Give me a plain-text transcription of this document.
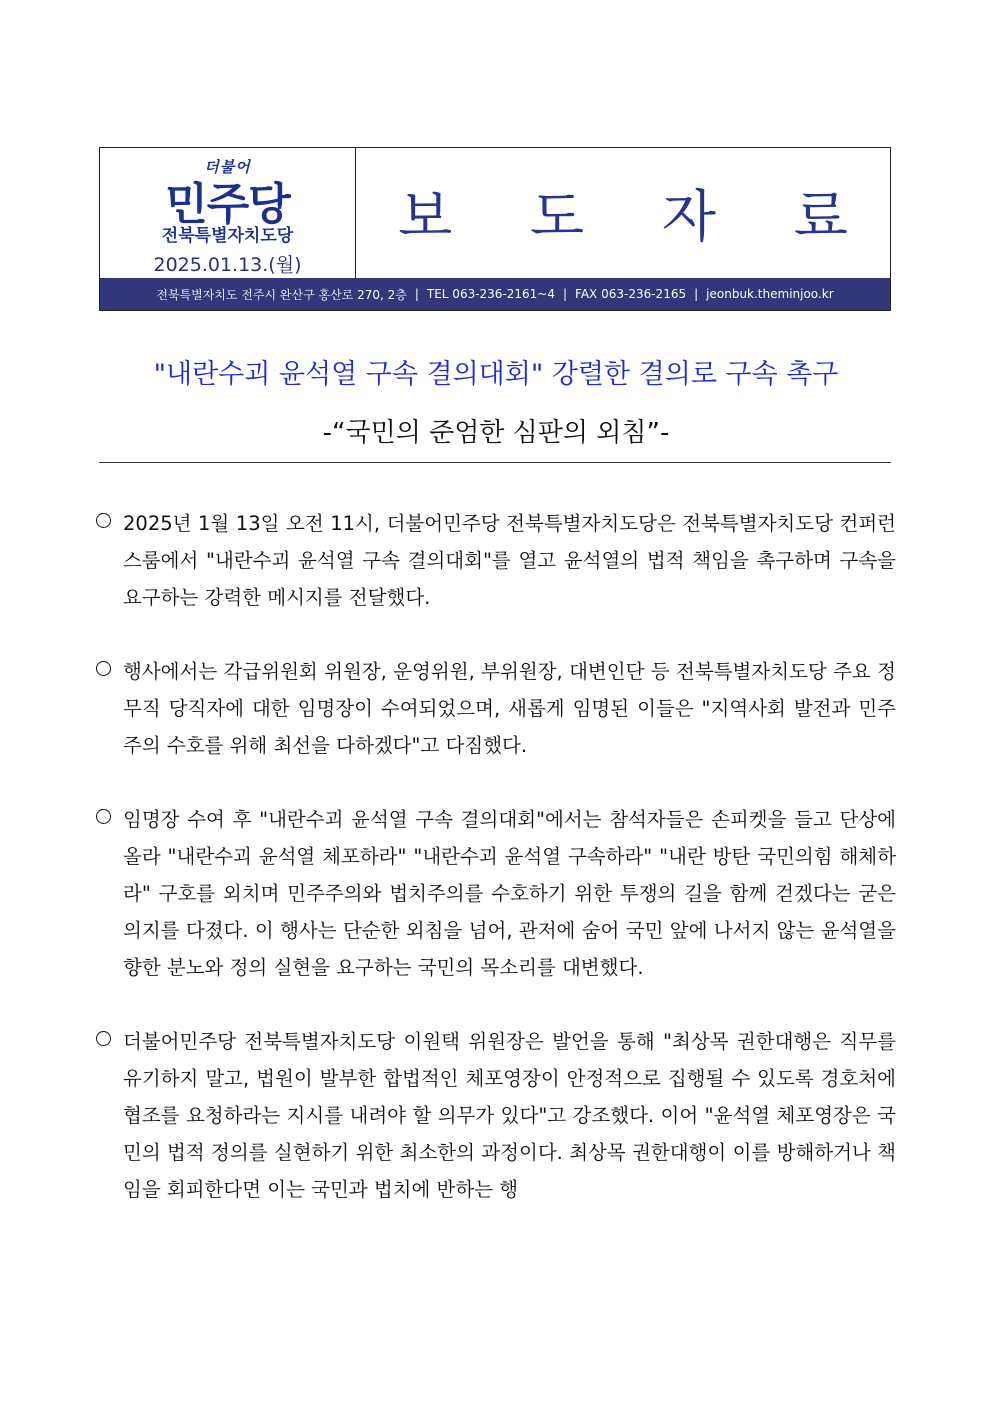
더불어
민주당
전북특별자치도당
2025.01.13.(월)
보 도 자 료
전북특별자치도 전주시 완산구 홍산로 270, 2층 | TEL 063-236-2161~4 | FAX 063-236-2165 | jeonbuk.theminjoo.kr
"내란수괴 윤석열 구속 결의대회" 강렬한 결의로 구속 촉구
-“국민의 준엄한 심판의 외침”-
2025년 1월 13일 오전 11시, 더불어민주당 전북특별자치도당은 전북특별자치도당 컨퍼런스룸에서 "내란수괴 윤석열 구속 결의대회"를 열고 윤석열의 법적 책임을 촉구하며 구속을 요구하는 강력한 메시지를 전달했다.
행사에서는 각급위원회 위원장, 운영위원, 부위원장, 대변인단 등 전북특별자치도당 주요 정무직 당직자에 대한 임명장이 수여되었으며, 새롭게 임명된 이들은 "지역사회 발전과 민주주의 수호를 위해 최선을 다하겠다"고 다짐했다.
임명장 수여 후 "내란수괴 윤석열 구속 결의대회"에서는 참석자들은 손피켓을 들고 단상에 올라 "내란수괴 윤석열 체포하라" "내란수괴 윤석열 구속하라" "내란 방탄 국민의힘 해체하라" 구호를 외치며 민주주의와 법치주의를 수호하기 위한 투쟁의 길을 함께 걷겠다는 굳은 의지를 다졌다. 이 행사는 단순한 외침을 넘어, 관저에 숨어 국민 앞에 나서지 않는 윤석열을 향한 분노와 정의 실현을 요구하는 국민의 목소리를 대변했다.
더불어민주당 전북특별자치도당 이원택 위원장은 발언을 통해 "최상목 권한대행은 직무를 유기하지 말고, 법원이 발부한 합법적인 체포영장이 안정적으로 집행될 수 있도록 경호처에 협조를 요청하라는 지시를 내려야 할 의무가 있다"고 강조했다. 이어 "윤석열 체포영장은 국민의 법적 정의를 실현하기 위한 최소한의 과정이다. 최상목 권한대행이 이를 방해하거나 책임을 회피한다면 이는 국민과 법치에 반하는 행
